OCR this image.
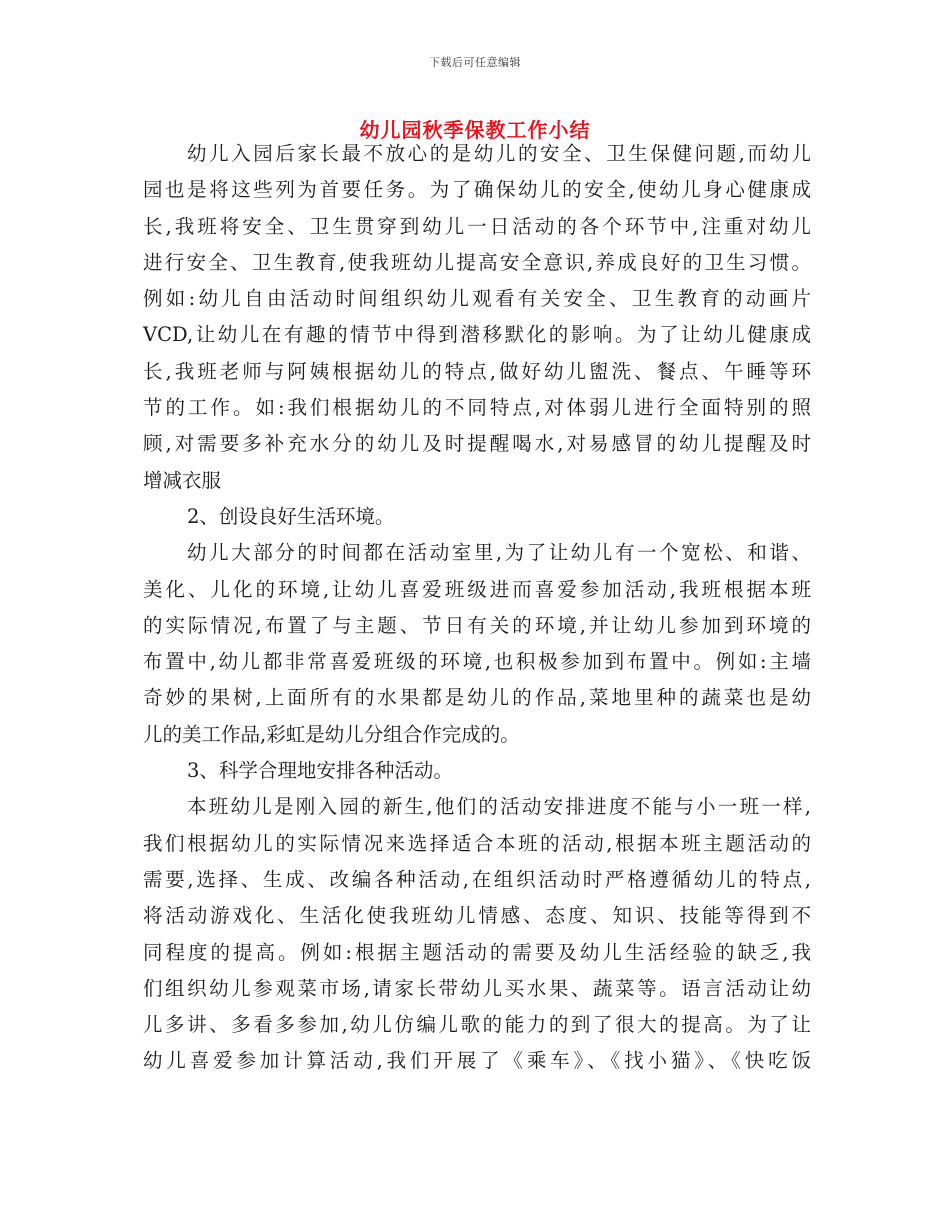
下载后可任意编辑
幼儿园秋季保教工作小结
幼儿入园后家长最不放心的是幼儿的安全、卫生保健问题,而幼儿
园也是将这些列为首要任务。为了确保幼儿的安全,使幼儿身心健康成
长,我班将安全、卫生贯穿到幼儿一日活动的各个环节中,注重对幼儿
进行安全、卫生教育,使我班幼儿提高安全意识,养成良好的卫生习惯。
例如:幼儿自由活动时间组织幼儿观看有关安全、卫生教育的动画片
VCD,让幼儿在有趣的情节中得到潜移默化的影响。为了让幼儿健康成
长,我班老师与阿姨根据幼儿的特点,做好幼儿盥洗、餐点、午睡等环
节的工作。如:我们根据幼儿的不同特点,对体弱儿进行全面特别的照
顾,对需要多补充水分的幼儿及时提醒喝水,对易感冒的幼儿提醒及时
增减衣服
2、创设良好生活环境。
幼儿大部分的时间都在活动室里,为了让幼儿有一个宽松、和谐、
美化、儿化的环境,让幼儿喜爱班级进而喜爱参加活动,我班根据本班
的实际情况,布置了与主题、节日有关的环境,并让幼儿参加到环境的
布置中,幼儿都非常喜爱班级的环境,也积极参加到布置中。例如:主墙
奇妙的果树,上面所有的水果都是幼儿的作品,菜地里种的蔬菜也是幼
儿的美工作品,彩虹是幼儿分组合作完成的。
3、科学合理地安排各种活动。
本班幼儿是刚入园的新生,他们的活动安排进度不能与小一班一样,
我们根据幼儿的实际情况来选择适合本班的活动,根据本班主题活动的
需要,选择、生成、改编各种活动,在组织活动时严格遵循幼儿的特点,
将活动游戏化、生活化使我班幼儿情感、态度、知识、技能等得到不
同程度的提高。例如:根据主题活动的需要及幼儿生活经验的缺乏,我
们组织幼儿参观菜市场,请家长带幼儿买水果、蔬菜等。语言活动让幼
儿多讲、多看多参加,幼儿仿编儿歌的能力的到了很大的提高。为了让
幼儿喜爱参加计算活动,我们开展了《乘车》、《找小猫》、《快吃饭
